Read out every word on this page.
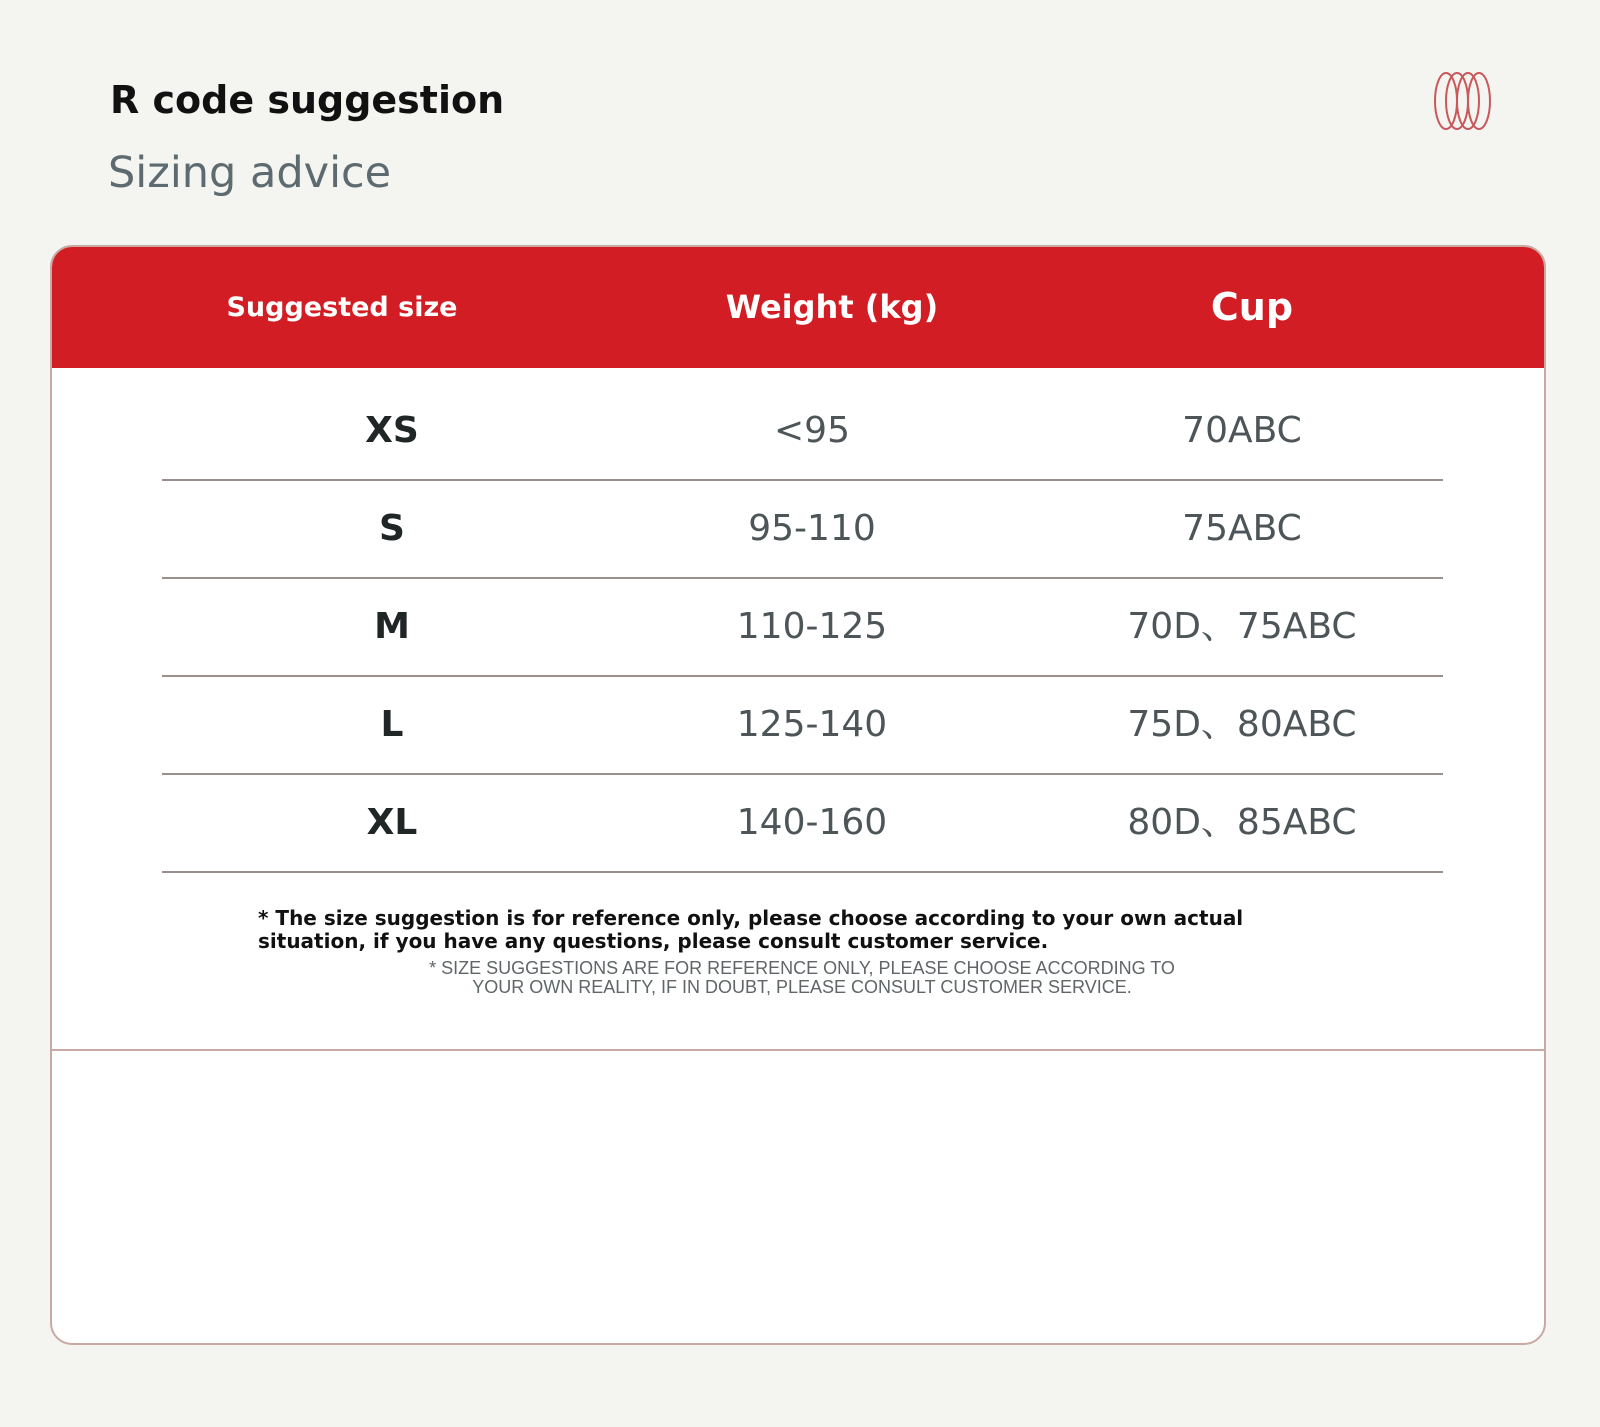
R code suggestion
Sizing advice
Suggested size	Weight (kg)	Cup
XS	<95	70ABC
S	95-110	75ABC
M	110-125	70D、75ABC
L	125-140	75D、80ABC
XL	140-160	80D、85ABC

* The size suggestion is for reference only, please choose according to your own actual situation, if you have any questions, please consult customer service.

* SIZE SUGGESTIONS ARE FOR REFERENCE ONLY, PLEASE CHOOSE ACCORDING TO
YOUR OWN REALITY, IF IN DOUBT, PLEASE CONSULT CUSTOMER SERVICE.
